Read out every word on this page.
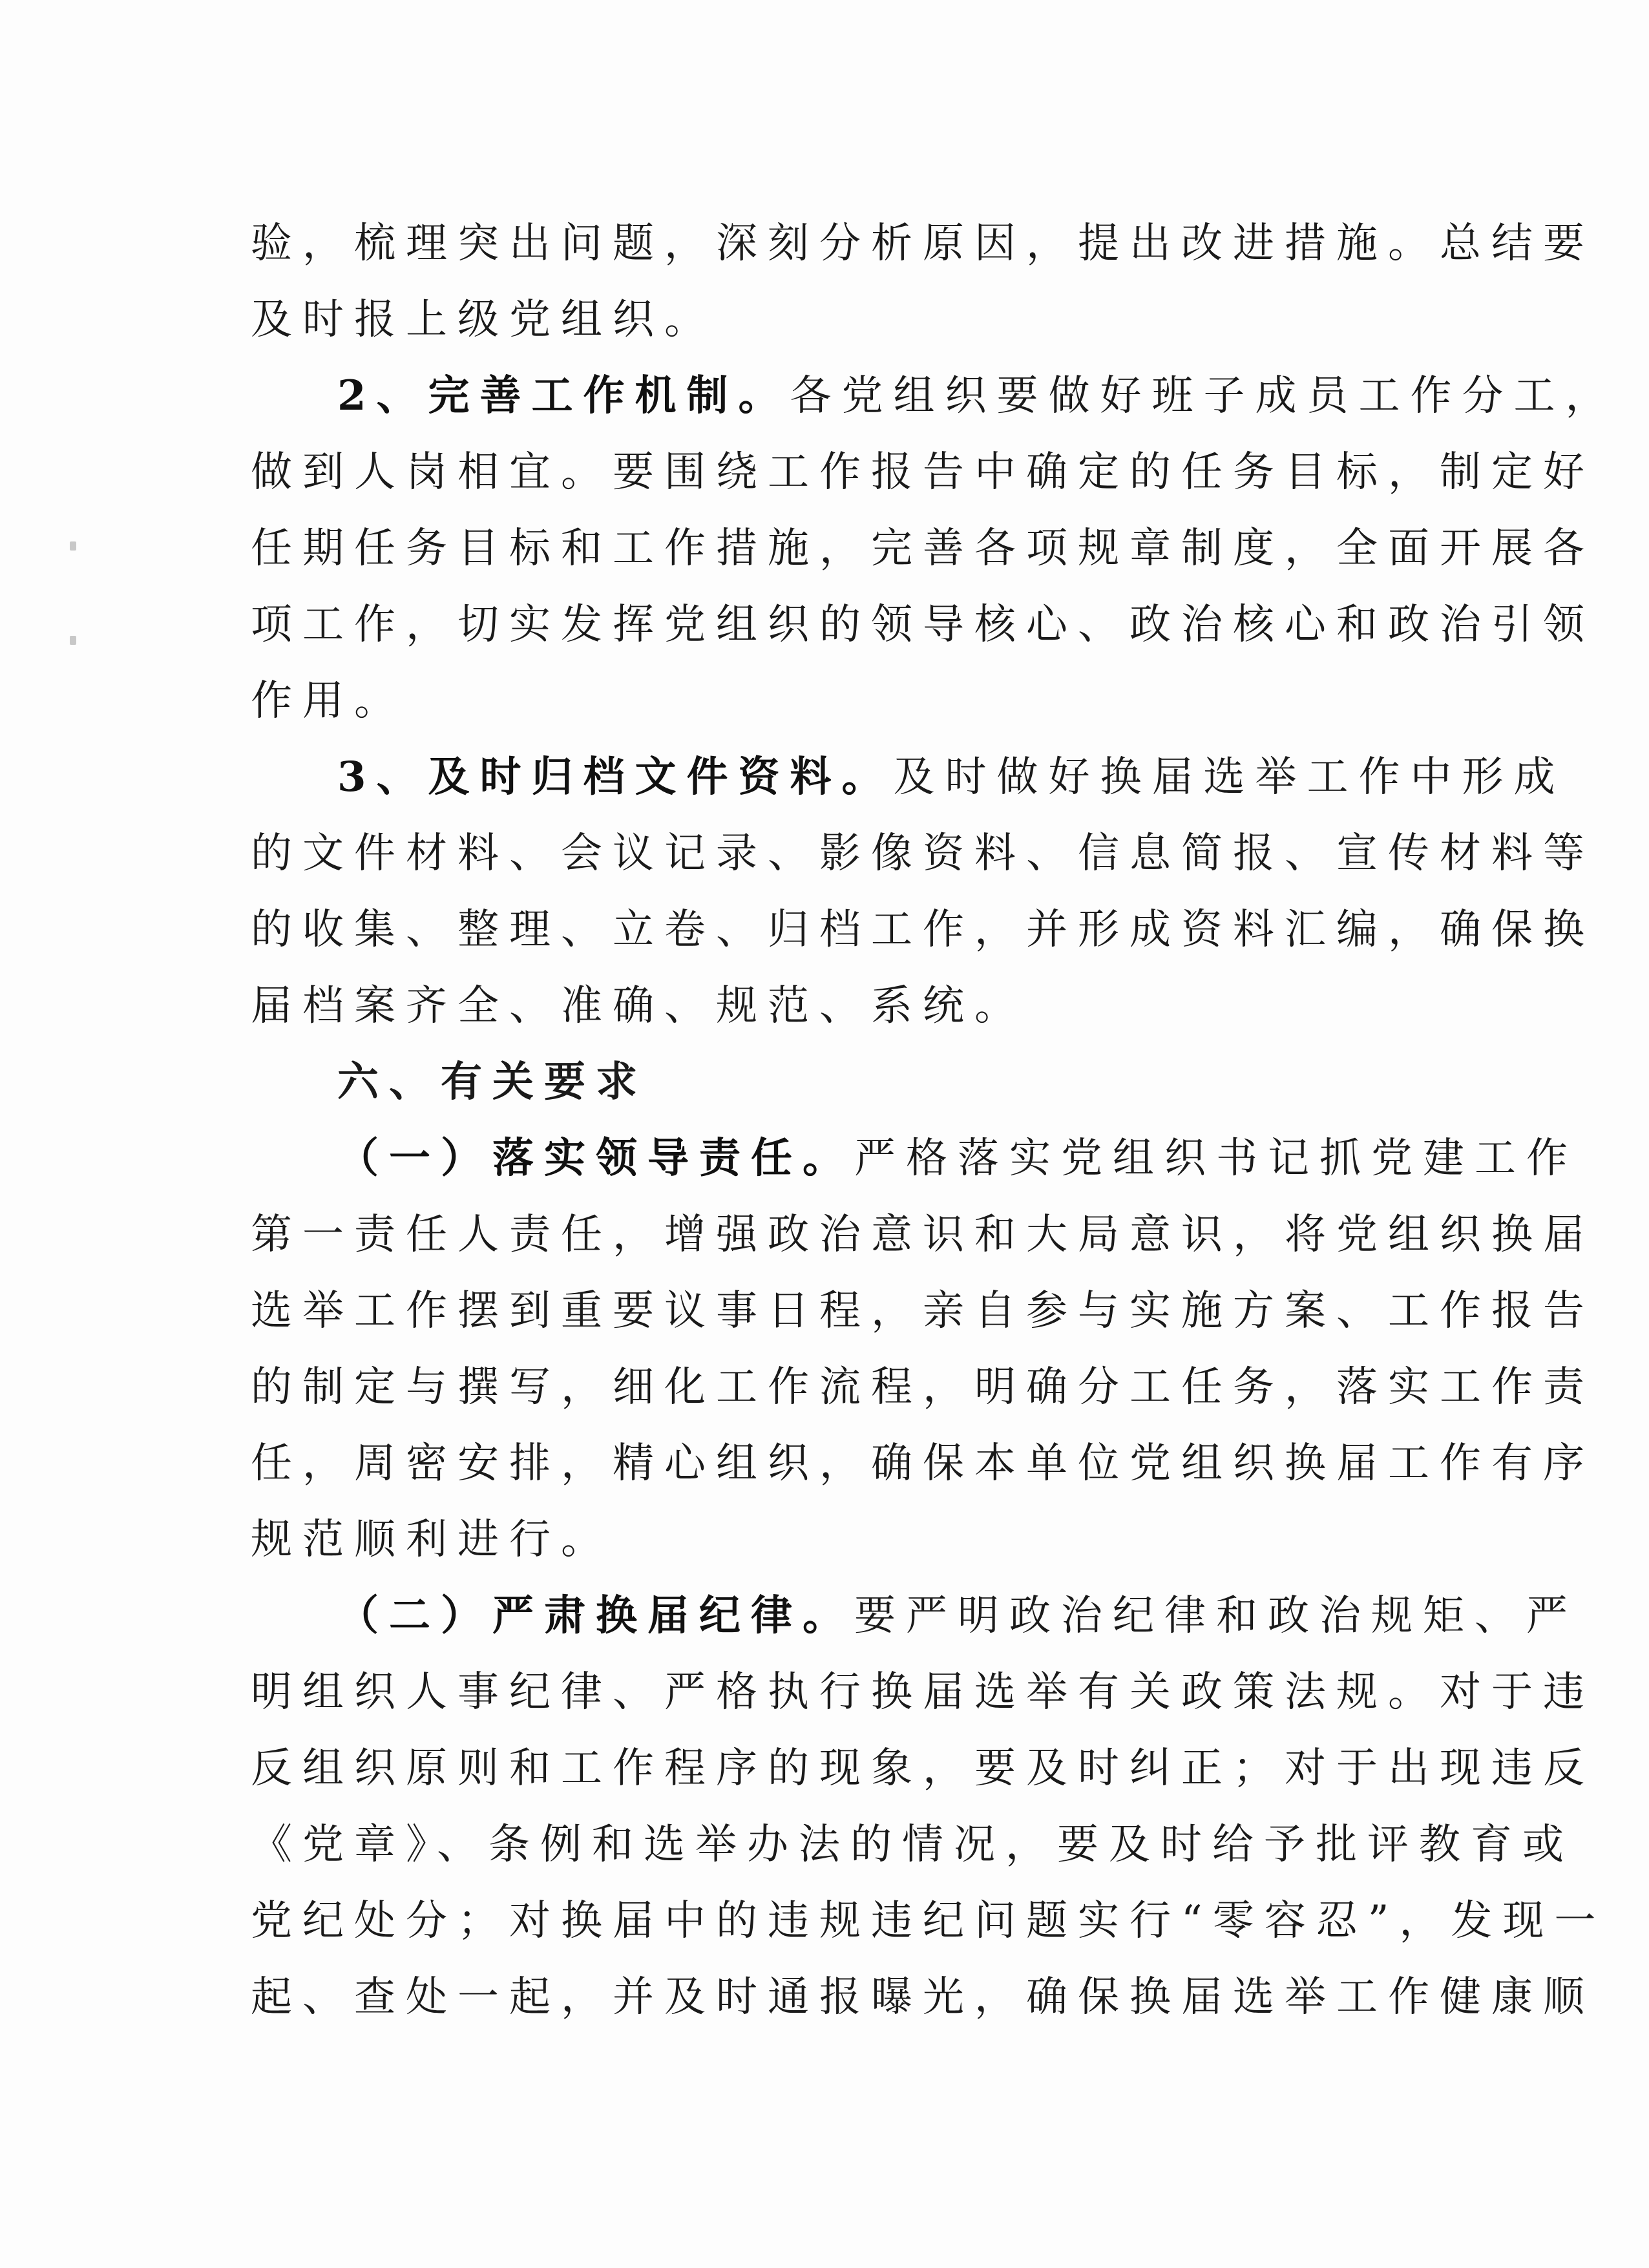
验，梳理突出问题，深刻分析原因，提出改进措施。总结要
及时报上级党组织。
2、完善工作机制。各党组织要做好班子成员工作分工，
做到人岗相宜。要围绕工作报告中确定的任务目标，制定好
任期任务目标和工作措施，完善各项规章制度，全面开展各
项工作，切实发挥党组织的领导核心、政治核心和政治引领
作用。
3、及时归档文件资料。及时做好换届选举工作中形成
的文件材料、会议记录、影像资料、信息简报、宣传材料等
的收集、整理、立卷、归档工作，并形成资料汇编，确保换
届档案齐全、准确、规范、系统。
六、有关要求
（一）落实领导责任。严格落实党组织书记抓党建工作
第一责任人责任，增强政治意识和大局意识，将党组织换届
选举工作摆到重要议事日程，亲自参与实施方案、工作报告
的制定与撰写，细化工作流程，明确分工任务，落实工作责
任，周密安排，精心组织，确保本单位党组织换届工作有序
规范顺利进行。
（二）严肃换届纪律。要严明政治纪律和政治规矩、严
明组织人事纪律、严格执行换届选举有关政策法规。对于违
反组织原则和工作程序的现象，要及时纠正；对于出现违反
《党章》、条例和选举办法的情况，要及时给予批评教育或
党纪处分；对换届中的违规违纪问题实行“零容忍”，发现一
起、查处一起，并及时通报曝光，确保换届选举工作健康顺
